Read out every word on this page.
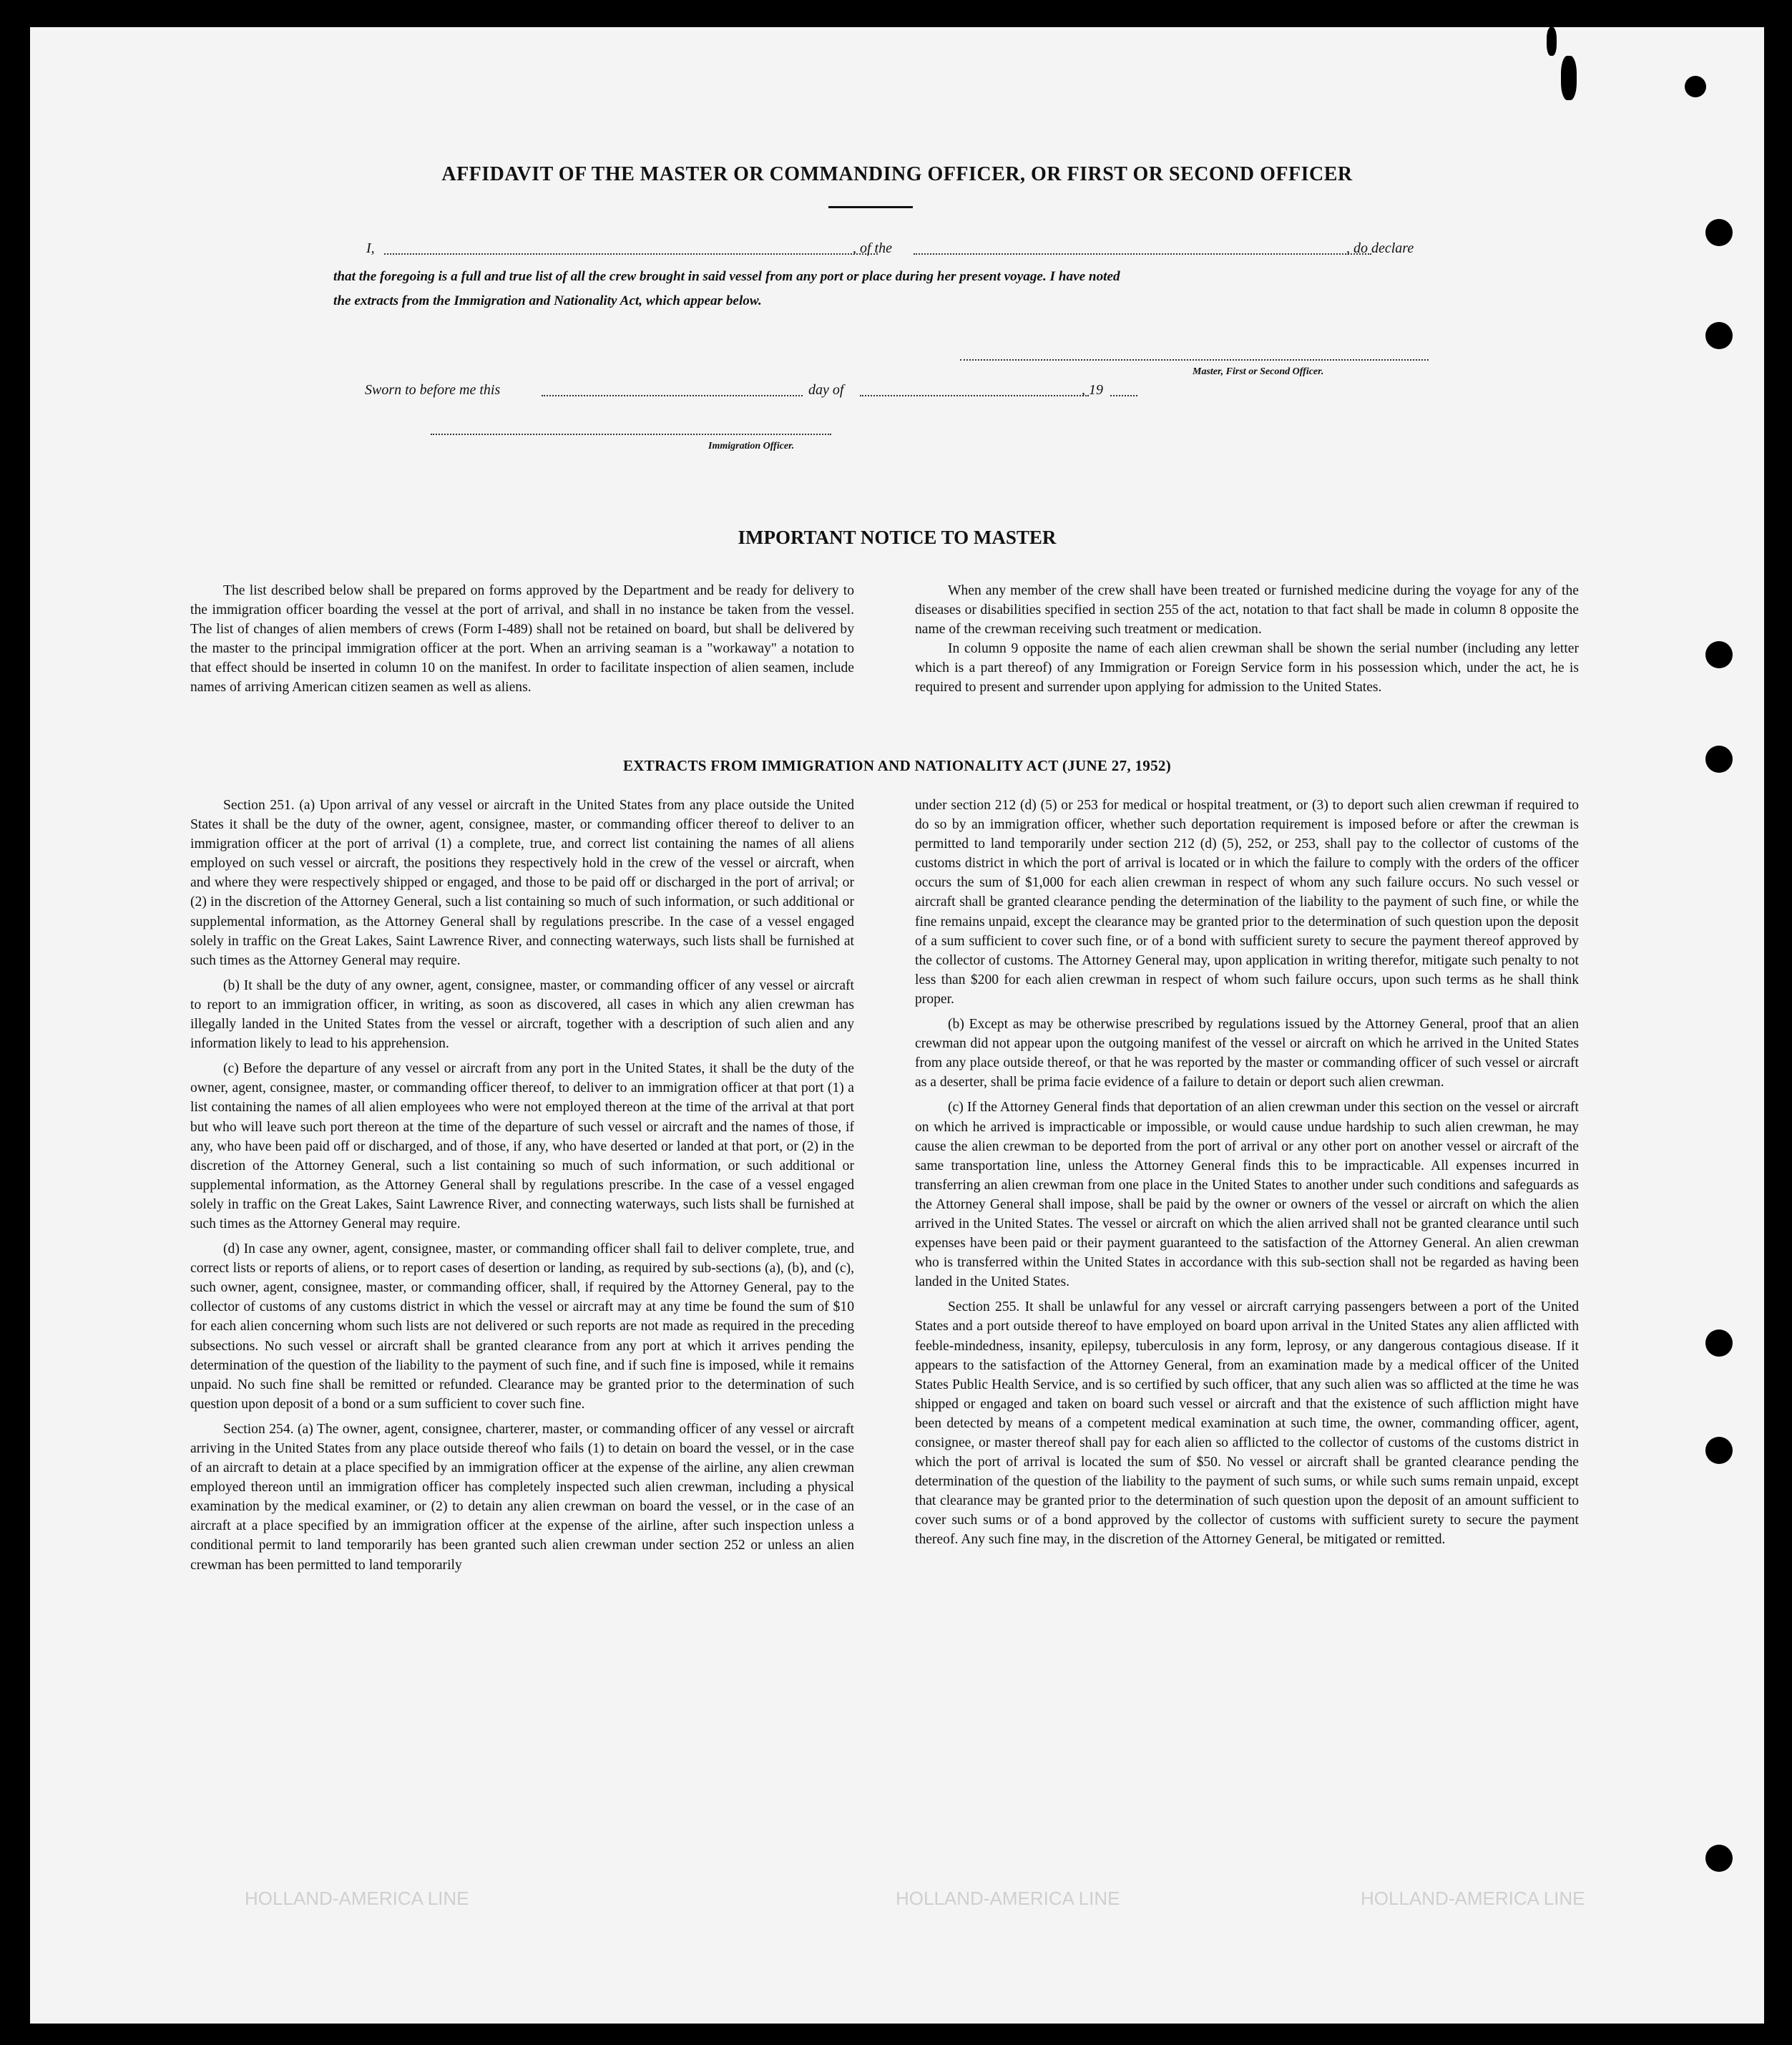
HOLLAND-AMERICA LINE	HOLLAND-AMERICA LINE	HOLLAND-AMERICA LINE
AFFIDAVIT OF THE MASTER OR COMMANDING OFFICER, OR FIRST OR SECOND OFFICER
I,	, of the	, do declare
that the foregoing is a full and true list of all the crew brought in said vessel from any port or place during her present voyage. I have noted
the extracts from the Immigration and Nationality Act, which appear below.
Master, First or Second Officer.
Sworn to before me this	day of	, 19
Immigration Officer.
IMPORTANT NOTICE TO MASTER

The list described below shall be prepared on forms approved by the Department and be ready for delivery to the immigration officer boarding the vessel at the port of arrival, and shall in no instance be taken from the vessel. The list of changes of alien members of crews (Form I-489) shall not be retained on board, but shall be delivered by the master to the principal immigration officer at the port. When an arriving seaman is a "workaway" a notation to that effect should be inserted in column 10 on the manifest. In order to facilitate inspection of alien seamen, include names of arriving American citizen seamen as well as aliens.

When any member of the crew shall have been treated or furnished medicine during the voyage for any of the diseases or disabilities specified in section 255 of the act, notation to that fact shall be made in column 8 opposite the name of the crewman receiving such treatment or medication.

In column 9 opposite the name of each alien crewman shall be shown the serial number (including any letter which is a part thereof) of any Immigration or Foreign Service form in his possession which, under the act, he is required to present and surrender upon applying for admission to the United States.

EXTRACTS FROM IMMIGRATION AND NATIONALITY ACT (JUNE 27, 1952)

Section 251. (a) Upon arrival of any vessel or aircraft in the United States from any place outside the United States it shall be the duty of the owner, agent, consignee, master, or commanding officer thereof to deliver to an immigration officer at the port of arrival (1) a complete, true, and correct list containing the names of all aliens employed on such vessel or aircraft, the positions they respectively hold in the crew of the vessel or aircraft, when and where they were respectively shipped or engaged, and those to be paid off or discharged in the port of arrival; or (2) in the discretion of the Attorney General, such a list containing so much of such information, or such additional or supplemental information, as the Attorney General shall by regulations prescribe. In the case of a vessel engaged solely in traffic on the Great Lakes, Saint Lawrence River, and connecting waterways, such lists shall be furnished at such times as the Attorney General may require.

(b) It shall be the duty of any owner, agent, consignee, master, or commanding officer of any vessel or aircraft to report to an immigration officer, in writing, as soon as discovered, all cases in which any alien crewman has illegally landed in the United States from the vessel or aircraft, together with a description of such alien and any information likely to lead to his apprehension.

(c) Before the departure of any vessel or aircraft from any port in the United States, it shall be the duty of the owner, agent, consignee, master, or commanding officer thereof, to deliver to an immigration officer at that port (1) a list containing the names of all alien employees who were not employed thereon at the time of the arrival at that port but who will leave such port thereon at the time of the departure of such vessel or aircraft and the names of those, if any, who have been paid off or discharged, and of those, if any, who have deserted or landed at that port, or (2) in the discretion of the Attorney General, such a list containing so much of such information, or such additional or supplemental information, as the Attorney General shall by regulations prescribe. In the case of a vessel engaged solely in traffic on the Great Lakes, Saint Lawrence River, and connecting waterways, such lists shall be furnished at such times as the Attorney General may require.

(d) In case any owner, agent, consignee, master, or commanding officer shall fail to deliver complete, true, and correct lists or reports of aliens, or to report cases of desertion or landing, as required by sub-sections (a), (b), and (c), such owner, agent, consignee, master, or commanding officer, shall, if required by the Attorney General, pay to the collector of customs of any customs district in which the vessel or aircraft may at any time be found the sum of $10 for each alien concerning whom such lists are not delivered or such reports are not made as required in the preceding subsections. No such vessel or aircraft shall be granted clearance from any port at which it arrives pending the determination of the question of the liability to the payment of such fine, and if such fine is imposed, while it remains unpaid. No such fine shall be remitted or refunded. Clearance may be granted prior to the determination of such question upon deposit of a bond or a sum sufficient to cover such fine.

Section 254. (a) The owner, agent, consignee, charterer, master, or commanding officer of any vessel or aircraft arriving in the United States from any place outside thereof who fails (1) to detain on board the vessel, or in the case of an aircraft to detain at a place specified by an immigration officer at the expense of the airline, any alien crewman employed thereon until an immigration officer has completely inspected such alien crewman, including a physical examination by the medical examiner, or (2) to detain any alien crewman on board the vessel, or in the case of an aircraft at a place specified by an immigration officer at the expense of the airline, after such inspection unless a conditional permit to land temporarily has been granted such alien crewman under section 252 or unless an alien crewman has been permitted to land temporarily

under section 212 (d) (5) or 253 for medical or hospital treatment, or (3) to deport such alien crewman if required to do so by an immigration officer, whether such deportation requirement is imposed before or after the crewman is permitted to land temporarily under section 212 (d) (5), 252, or 253, shall pay to the collector of customs of the customs district in which the port of arrival is located or in which the failure to comply with the orders of the officer occurs the sum of $1,000 for each alien crewman in respect of whom any such failure occurs. No such vessel or aircraft shall be granted clearance pending the determination of the liability to the payment of such fine, or while the fine remains unpaid, except the clearance may be granted prior to the determination of such question upon the deposit of a sum sufficient to cover such fine, or of a bond with sufficient surety to secure the payment thereof approved by the collector of customs. The Attorney General may, upon application in writing therefor, mitigate such penalty to not less than $200 for each alien crewman in respect of whom such failure occurs, upon such terms as he shall think proper.

(b) Except as may be otherwise prescribed by regulations issued by the Attorney General, proof that an alien crewman did not appear upon the outgoing manifest of the vessel or aircraft on which he arrived in the United States from any place outside thereof, or that he was reported by the master or commanding officer of such vessel or aircraft as a deserter, shall be prima facie evidence of a failure to detain or deport such alien crewman.

(c) If the Attorney General finds that deportation of an alien crewman under this section on the vessel or aircraft on which he arrived is impracticable or impossible, or would cause undue hardship to such alien crewman, he may cause the alien crewman to be deported from the port of arrival or any other port on another vessel or aircraft of the same transportation line, unless the Attorney General finds this to be impracticable. All expenses incurred in transferring an alien crewman from one place in the United States to another under such conditions and safeguards as the Attorney General shall impose, shall be paid by the owner or owners of the vessel or aircraft on which the alien arrived in the United States. The vessel or aircraft on which the alien arrived shall not be granted clearance until such expenses have been paid or their payment guaranteed to the satisfaction of the Attorney General. An alien crewman who is transferred within the United States in accordance with this sub-section shall not be regarded as having been landed in the United States.

Section 255. It shall be unlawful for any vessel or aircraft carrying passengers between a port of the United States and a port outside thereof to have employed on board upon arrival in the United States any alien afflicted with feeble-mindedness, insanity, epilepsy, tuberculosis in any form, leprosy, or any dangerous contagious disease. If it appears to the satisfaction of the Attorney General, from an examination made by a medical officer of the United States Public Health Service, and is so certified by such officer, that any such alien was so afflicted at the time he was shipped or engaged and taken on board such vessel or aircraft and that the existence of such affliction might have been detected by means of a competent medical examination at such time, the owner, commanding officer, agent, consignee, or master thereof shall pay for each alien so afflicted to the collector of customs of the customs district in which the port of arrival is located the sum of $50. No vessel or aircraft shall be granted clearance pending the determination of the question of the liability to the payment of such sums, or while such sums remain unpaid, except that clearance may be granted prior to the determination of such question upon the deposit of an amount sufficient to cover such sums or of a bond approved by the collector of customs with sufficient surety to secure the payment thereof. Any such fine may, in the discretion of the Attorney General, be mitigated or remitted.
